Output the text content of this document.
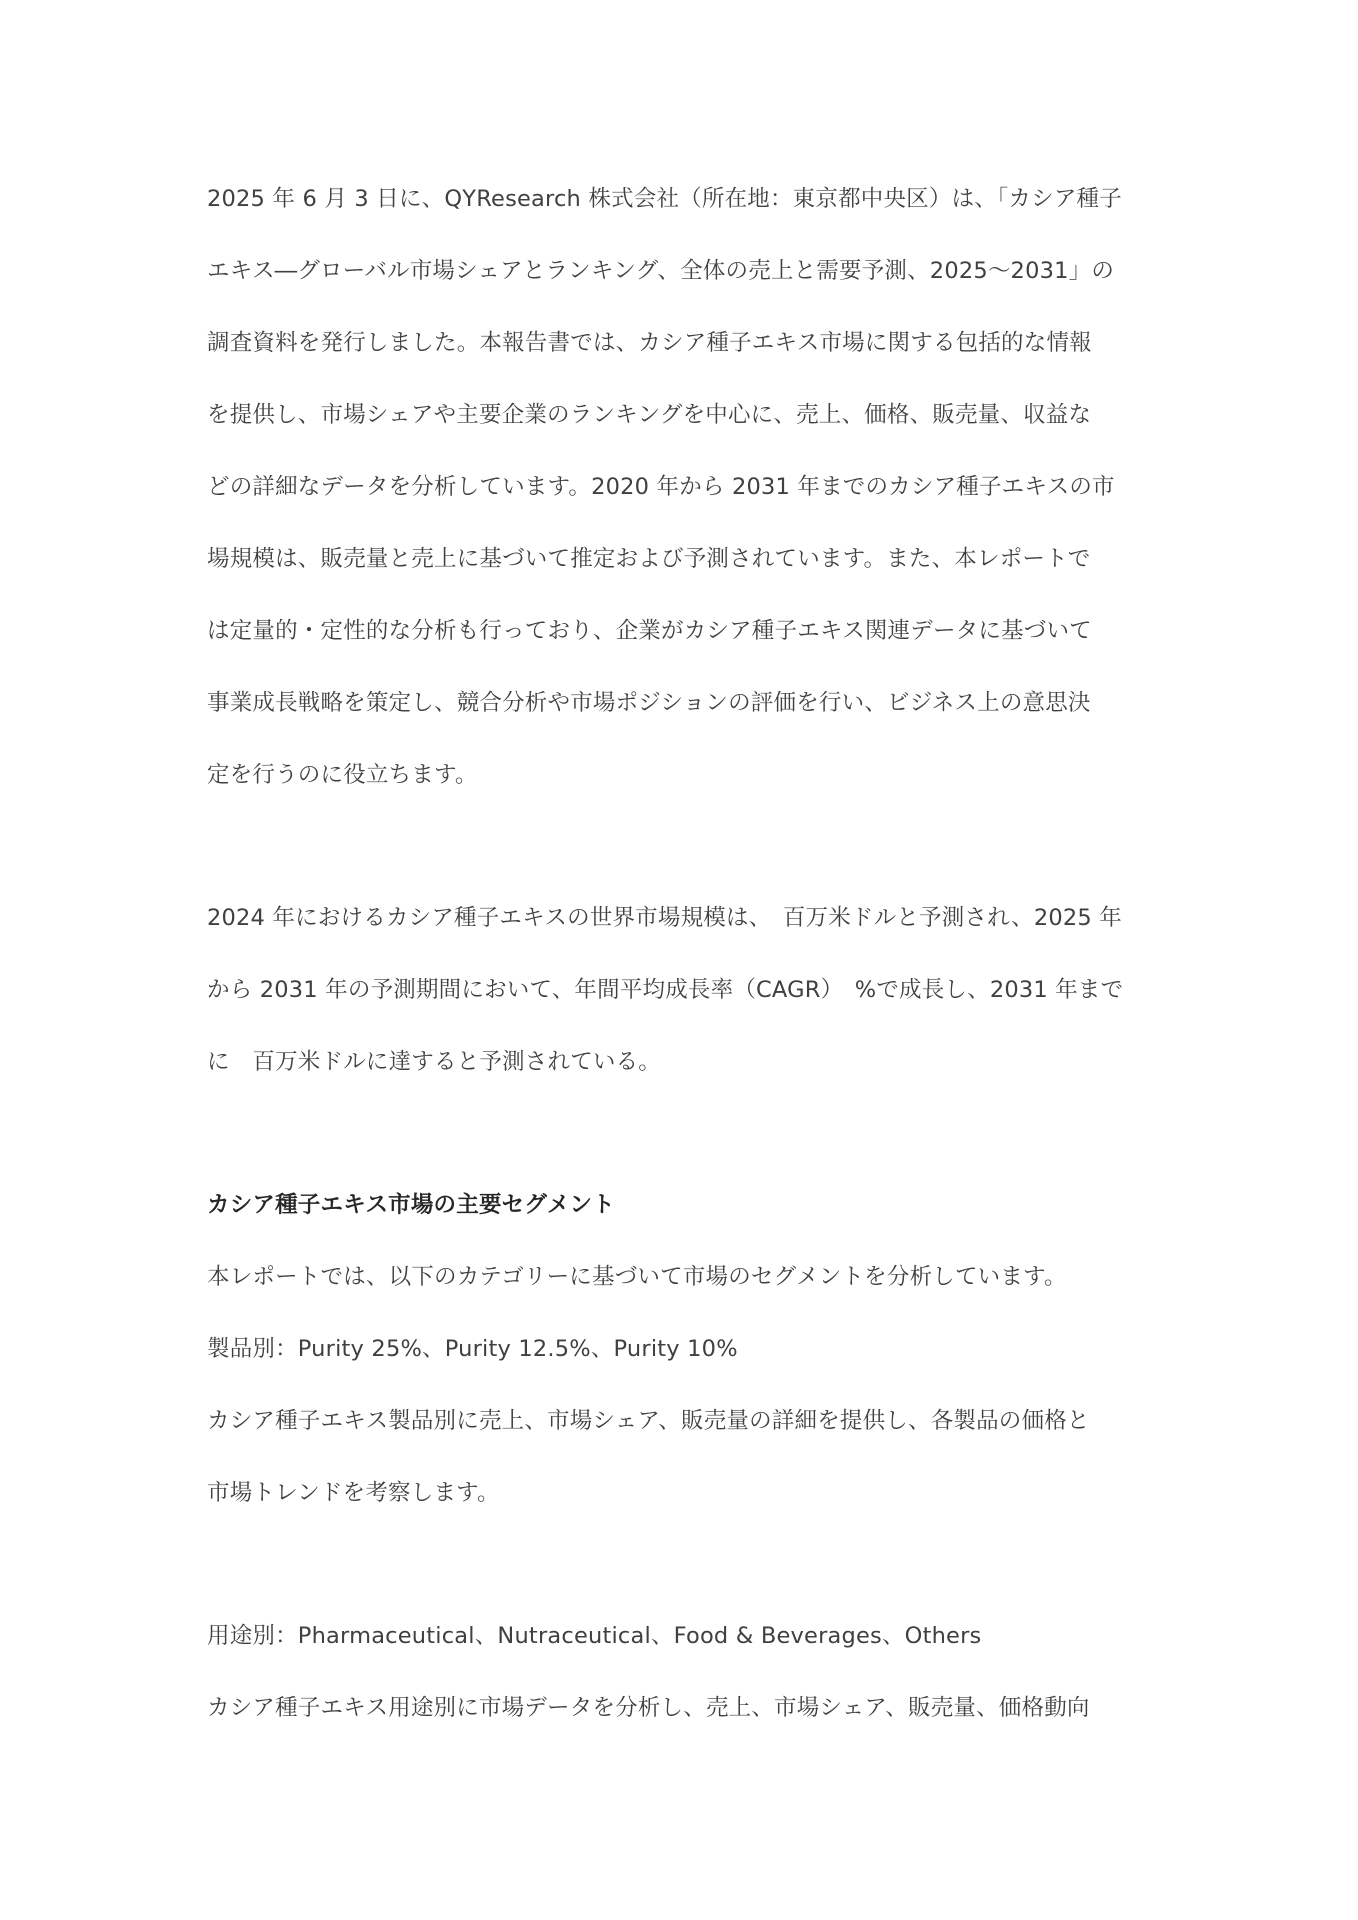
2025 年 6 月 3 日に、QYResearch 株式会社（所在地：東京都中央区）は、「カシア種子
エキス―グローバル市場シェアとランキング、全体の売上と需要予測、2025～2031」の
調査資料を発行しました。本報告書では、カシア種子エキス市場に関する包括的な情報
を提供し、市場シェアや主要企業のランキングを中心に、売上、価格、販売量、収益な
どの詳細なデータを分析しています。2020 年から 2031 年までのカシア種子エキスの市
場規模は、販売量と売上に基づいて推定および予測されています。また、本レポートで
は定量的・定性的な分析も行っており、企業がカシア種子エキス関連データに基づいて
事業成長戦略を策定し、競合分析や市場ポジションの評価を行い、ビジネス上の意思決
定を行うのに役立ちます。
2024 年におけるカシア種子エキスの世界市場規模は、　百万米ドルと予測され、2025 年
から 2031 年の予測期間において、年間平均成長率（CAGR）　%で成長し、2031 年まで
に　百万米ドルに達すると予測されている。
カシア種子エキス市場の主要セグメント
本レポートでは、以下のカテゴリーに基づいて市場のセグメントを分析しています。
製品別：Purity 25%、Purity 12.5%、Purity 10%
カシア種子エキス製品別に売上、市場シェア、販売量の詳細を提供し、各製品の価格と
市場トレンドを考察します。
用途別：Pharmaceutical、Nutraceutical、Food & Beverages、Others
カシア種子エキス用途別に市場データを分析し、売上、市場シェア、販売量、価格動向
